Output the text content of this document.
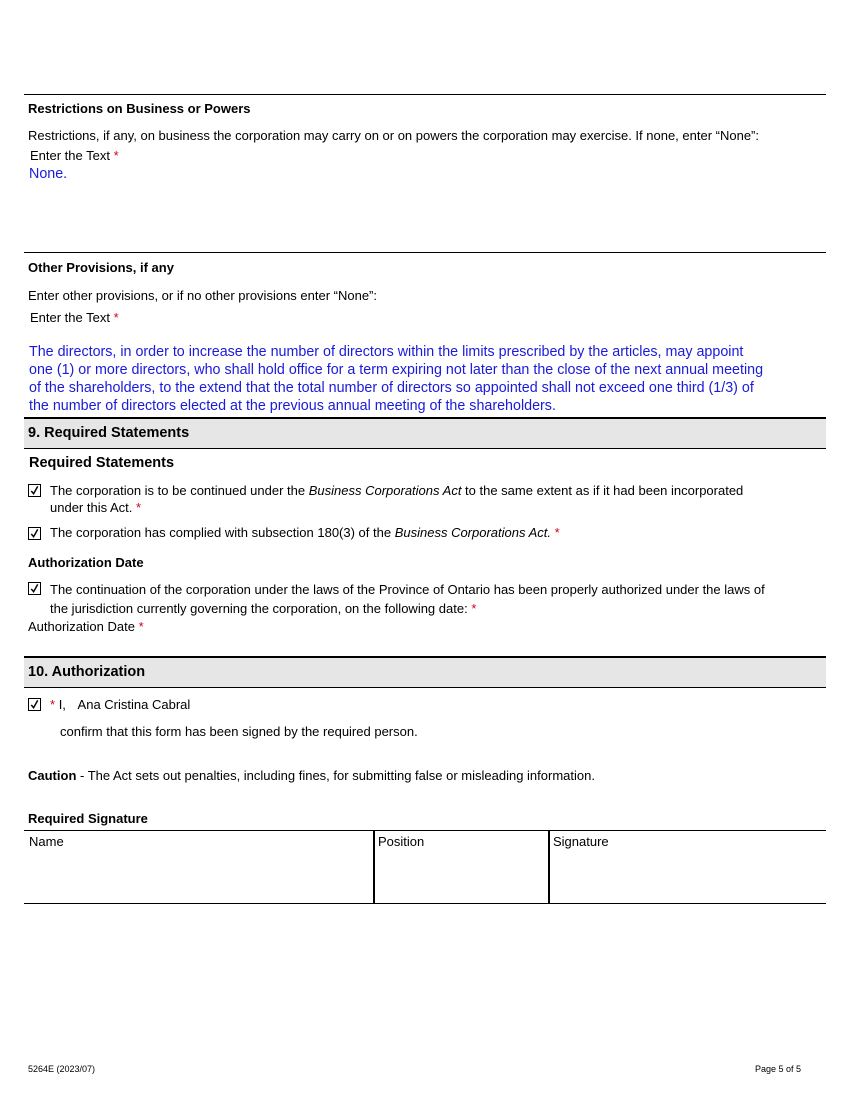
Restrictions on Business or Powers
Restrictions, if any, on business the corporation may carry on or on powers the corporation may exercise. If none, enter “None”:
Enter the Text *
None.
Other Provisions, if any
Enter other provisions, or if no other provisions enter “None”:
Enter the Text *
The directors, in order to increase the number of directors within the limits prescribed by the articles, may appoint
one (1) or more directors, who shall hold office for a term expiring not later than the close of the next annual meeting
of the shareholders, to the extend that the total number of directors so appointed shall not exceed one third (1/3) of
the number of directors elected at the previous annual meeting of the shareholders.
9. Required Statements
Required Statements
The corporation is to be continued under the Business Corporations Act to the same extent as if it had been incorporated
under this Act. *
The corporation has complied with subsection 180(3) of the Business Corporations Act. *
Authorization Date
The continuation of the corporation under the laws of the Province of Ontario has been properly authorized under the laws of
the jurisdiction currently governing the corporation, on the following date: *
Authorization Date *
10. Authorization
* I, Ana Cristina Cabral
confirm that this form has been signed by the required person.
Caution - The Act sets out penalties, including fines, for submitting false or misleading information.
Required Signature
Name	Position	Signature
5264E (2023/07)	Page 5 of 5
